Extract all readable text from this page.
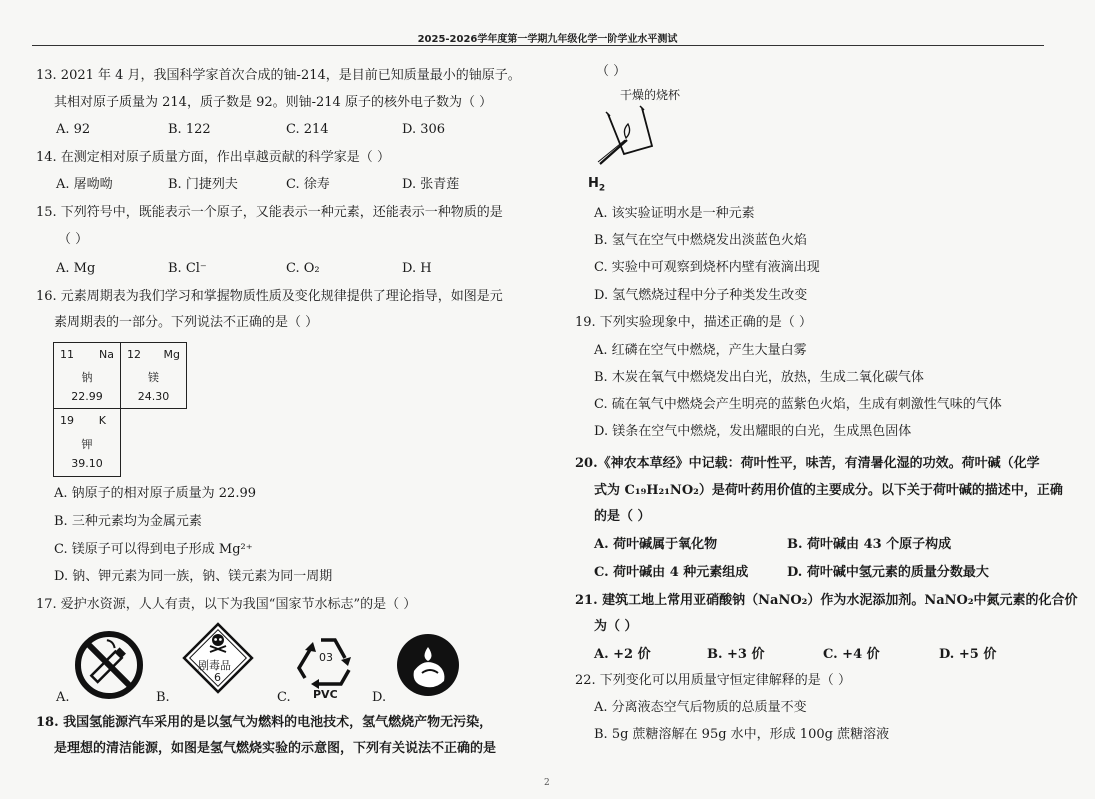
2025-2026学年度第一学期九年级化学一阶学业水平测试
13. 2021 年 4 月，我国科学家首次合成的铀-214，是目前已知质量最小的铀原子。
其相对原子质量为 214，质子数是 92。则铀-214 原子的核外电子数为（ ）
A. 92	B. 122	C. 214	D. 306
14. 在测定相对原子质量方面，作出卓越贡献的科学家是（ ）
A. 屠呦呦	B. 门捷列夫	C. 徐寿	D. 张青莲
15. 下列符号中，既能表示一个原子，又能表示一种元素，还能表示一种物质的是
（ ）
A. Mg	B. Cl⁻	C. O₂	D. H
16. 元素周期表为我们学习和掌握物质性质及变化规律提供了理论指导，如图是元
素周期表的一部分。下列说法不正确的是（ ）
11 Na
钠
22.99
12 Mg
镁
24.30
19 K
钾
39.10
A. 钠原子的相对原子质量为 22.99
B. 三种元素均为金属元素
C. 镁原子可以得到电子形成 Mg²⁺
D. 钠、钾元素为同一族，钠、镁元素为同一周期
17. 爱护水资源，人人有责，以下为我国“国家节水标志”的是（ ）
A.
剧毒品
6
B.
03
PVC
C.	D.
18. 我国氢能源汽车采用的是以氢气为燃料的电池技术，氢气燃烧产物无污染，
是理想的清洁能源，如图是氢气燃烧实验的示意图，下列有关说法不正确的是
（ ）
干燥的烧杯
$H_2$
A. 该实验证明水是一种元素
B. 氢气在空气中燃烧发出淡蓝色火焰
C. 实验中可观察到烧杯内壁有液滴出现
D. 氢气燃烧过程中分子种类发生改变
19. 下列实验现象中，描述正确的是（ ）
A. 红磷在空气中燃烧，产生大量白雾
B. 木炭在氧气中燃烧发出白光，放热，生成二氧化碳气体
C. 硫在氧气中燃烧会产生明亮的蓝紫色火焰，生成有刺激性气味的气体
D. 镁条在空气中燃烧，发出耀眼的白光，生成黑色固体
20.《神农本草经》中记载：荷叶性平，味苦，有清暑化湿的功效。荷叶碱（化学
式为 C₁₉H₂₁NO₂）是荷叶药用价值的主要成分。以下关于荷叶碱的描述中，正确
的是（ ）
A. 荷叶碱属于氧化物	B. 荷叶碱由 43 个原子构成
C. 荷叶碱由 4 种元素组成	D. 荷叶碱中氢元素的质量分数最大
21. 建筑工地上常用亚硝酸钠（NaNO₂）作为水泥添加剂。NaNO₂中氮元素的化合价
为（ ）
A. +2 价	B. +3 价	C. +4 价	D. +5 价
22. 下列变化可以用质量守恒定律解释的是（ ）
A. 分离液态空气后物质的总质量不变
B. 5g 蔗糖溶解在 95g 水中，形成 100g 蔗糖溶液
2
